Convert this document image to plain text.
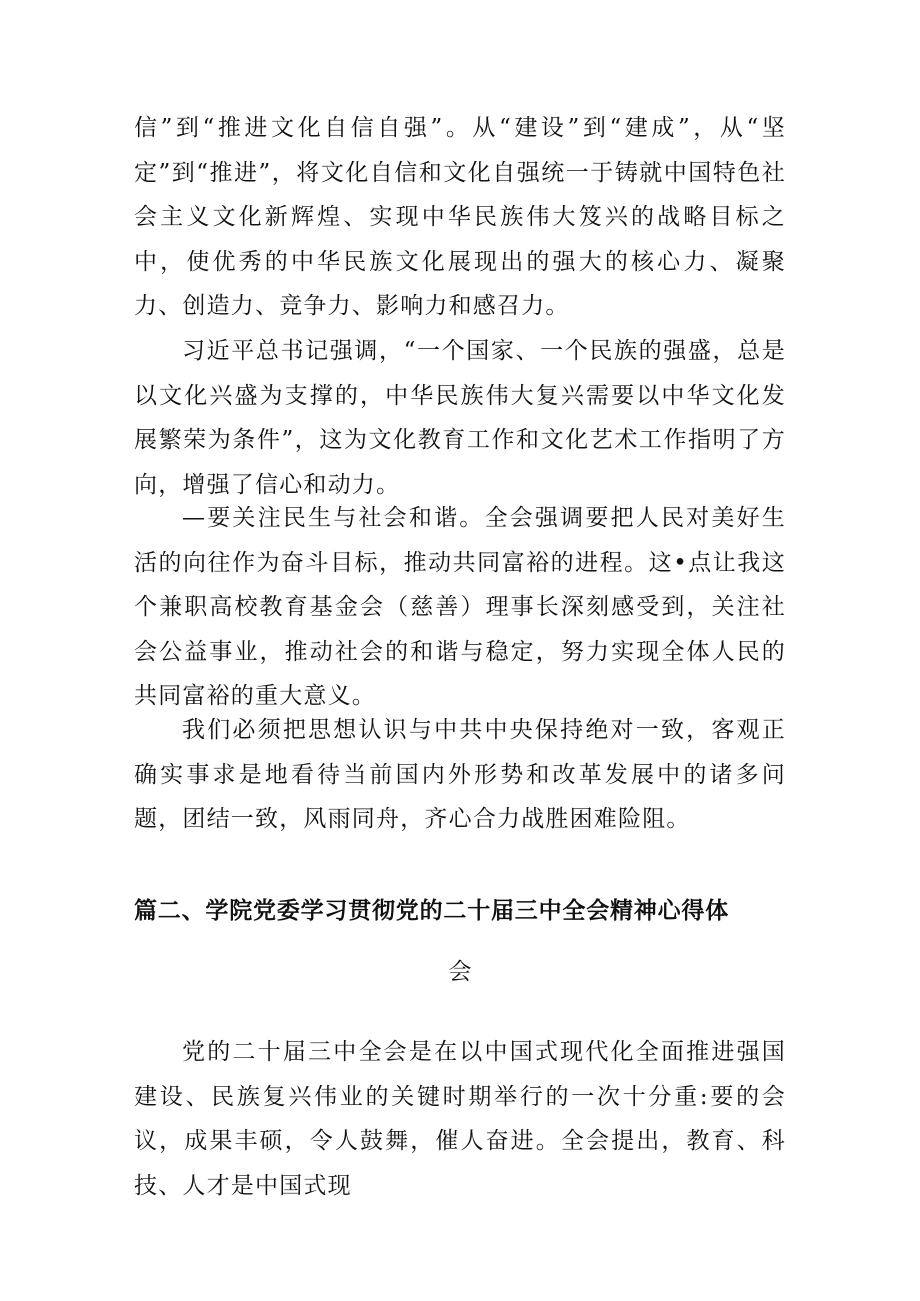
信”到“推进文化自信自强”。从“建设”到“建成”，从“坚定”到“推进”，将文化自信和文化自强统一于铸就中国特色社会主义文化新辉煌、实现中华民族伟大笈兴的战略目标之中，使优秀的中华民族文化展现出的强大的核心力、凝聚力、创造力、竞争力、影响力和感召力。

习近平总书记强调，“一个国家、一个民族的强盛，总是以文化兴盛为支撑的，中华民族伟大复兴需要以中华文化发展繁荣为条件”，这为文化教育工作和文化艺术工作指明了方向，增强了信心和动力。

—要关注民生与社会和谐。全会强调要把人民对美好生活的向往作为奋斗目标，推动共同富裕的进程。这•点让我这个兼职高校教育基金会（慈善）理事长深刻感受到，关注社会公益事业，推动社会的和谐与稳定，努力实现全体人民的共同富裕的重大意义。

我们必须把思想认识与中共中央保持绝对一致，客观正确实事求是地看待当前国内外形势和改革发展中的诸多问题，团结一致，风雨同舟，齐心合力战胜困难险阻。

篇二、学院党委学习贯彻党的二十届三中全会精神心得体
会

党的二十届三中全会是在以中国式现代化全面推进强国建设、民族复兴伟业的关键时期举行的一次十分重:要的会议，成果丰硕，令人鼓舞，催人奋进。全会提出，教育、科技、人才是中国式现
